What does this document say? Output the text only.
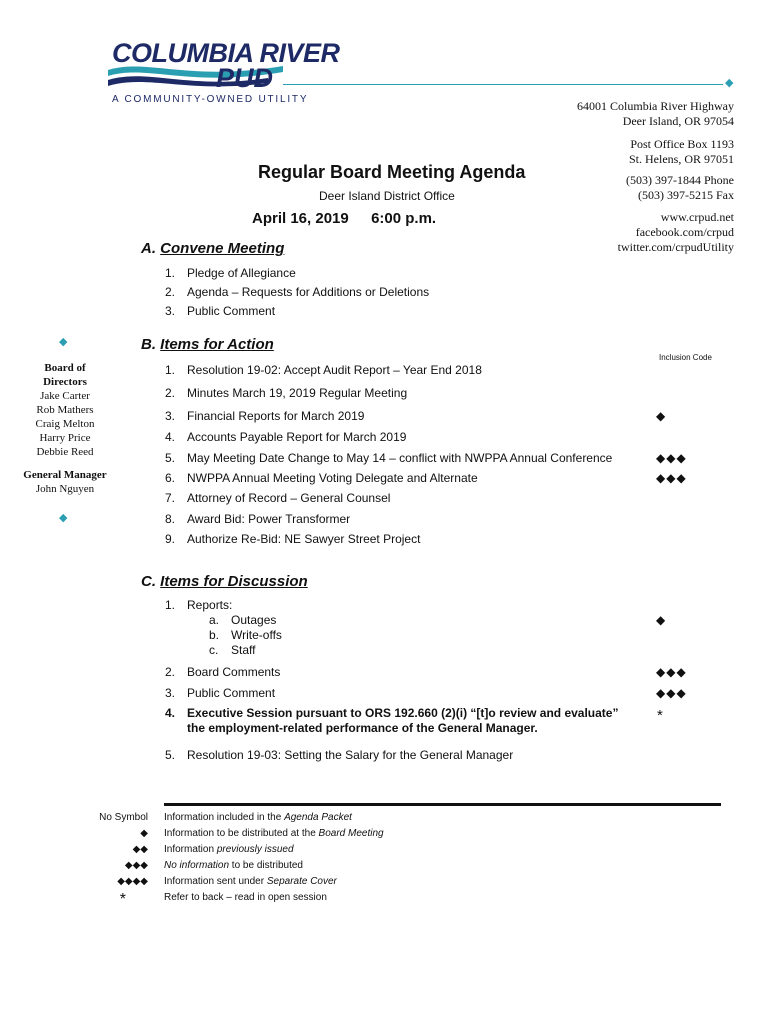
COLUMBIA RIVER
PUD
A COMMUNITY-OWNED UTILITY
◆
64001 Columbia River Highway
Deer Island, OR 97054
Post Office Box 1193
St. Helens, OR 97051
(503) 397-1844 Phone
(503) 397-5215 Fax
www.crpud.net
facebook.com/crpud
twitter.com/crpudUtility
Regular Board Meeting Agenda
Deer Island District Office
April 16, 2019 6:00 p.m.
A. Convene Meeting
1. Pledge of Allegiance
2. Agenda – Requests for Additions or Deletions
3. Public Comment
◆
Board of
Directors
Jake Carter
Rob Mathers
Craig Melton
Harry Price
Debbie Reed
General Manager
John Nguyen
◆
B. Items for Action
Inclusion Code
1. Resolution 19-02: Accept Audit Report – Year End 2018
2. Minutes March 19, 2019 Regular Meeting
3. Financial Reports for March 2019	◆
4. Accounts Payable Report for March 2019
5. May Meeting Date Change to May 14 – conflict with NWPPA Annual Conference	◆◆◆
6. NWPPA Annual Meeting Voting Delegate and Alternate	◆◆◆
7. Attorney of Record – General Counsel
8. Award Bid: Power Transformer
9. Authorize Re-Bid: NE Sawyer Street Project
C. Items for Discussion
1. Reports:
a. Outages	◆
b. Write-offs
c. Staff
2. Board Comments	◆◆◆
3. Public Comment	◆◆◆
4. Executive Session pursuant to ORS 192.660 (2)(i) “[t]o review and evaluate”
the employment-related performance of the General Manager.
*
5. Resolution 19-03: Setting the Salary for the General Manager
No Symbol Information included in the Agenda Packet
◆ Information to be distributed at the Board Meeting
◆◆ Information previously issued
◆◆◆ No information to be distributed
◆◆◆◆ Information sent under Separate Cover
*	Refer to back – read in open session
